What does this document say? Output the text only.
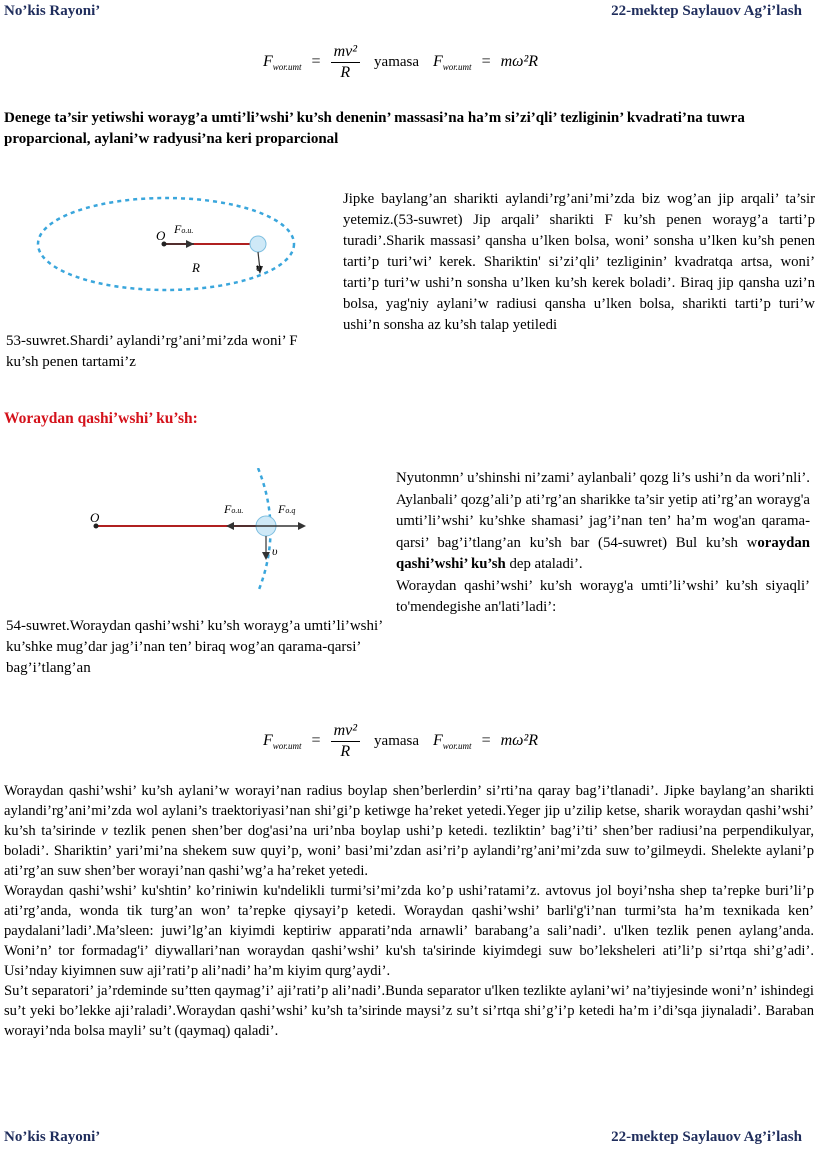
No’kis Rayoni’	22-mektep Saylauov Ag’i’lash
$F_{wor.umt} = \frac{\text{mv²}}{R}$ yamasa $F_{wor.umt} = m\omega^2R$

Denege ta’sir yetiwshi worayg’a umti’li’wshi’ ku’sh denenin’ massasi’na ha’m si’zi’qli’ tezliginin’ kvadrati’na tuwra proparcional, aylani’w radyusi’na keri proparcional

O Fo.u.
R	υ

53-suwret.Shardi’ aylandi’rg’ani’mi’zda woni’ F ku’sh penen tartami’z

Jipke baylang’an sharikti aylandi’rg’ani’mi’zda biz wog’an jip arqali’ ta’sir yetemiz.(53-suwret) Jip arqali’ sharikti F ku’sh penen worayg’a tarti’p turadi’.Sharik massasi’ qansha u’lken bolsa, woni’ sonsha u’lken ku’sh penen tarti’p turi’wi’ kerek. Shariktin' si’zi’qli’ tezliginin’ kvadratqa artsa, woni’ tarti’p turi’w ushi’n sonsha u’lken ku’sh kerek boladi’. Biraq jip qansha uzi’n bolsa, yag'niy aylani’w radiusi qansha u’lken bolsa, sharikti tarti’p turi’w ushi’n sonsha az ku’sh talap yetiledi

Woraydan qashi’wshi’ ku’sh:
O
Fo.u.	Fo.q
υ

54-suwret.Woraydan qashi’wshi’ ku’sh worayg’a umti’li’wshi’ ku’shke mug’dar jag’i’nan ten’ biraq wog’an qarama-qarsi’ bag’i’tlang’an

Nyutonmn’ u’shinshi ni’zami’ aylanbali’ qozg li’s ushi’n da wori’nli’. Aylanbali’ qozg’ali’p ati’rg’an sharikke ta’sir yetip ati’rg’an worayg'a umti’li’wshi’ ku’shke shamasi’ jag’i’nan ten’ ha’m wog'an qarama-qarsi’ bag’i’tlang’an ku’sh bar (54-suwret) Bul ku’sh woraydan qashi’wshi’ ku’sh dep ataladi’.
Woraydan qashi’wshi’ ku’sh worayg'a umti’li’wshi’ ku’sh siyaqli’ to'mendegishe an'lati’ladi’:
$F_{wor.umt} = \frac{\text{mv²}}{R}$ yamasa $F_{wor.umt} = m\omega^2R$

Woraydan qashi’wshi’ ku’sh aylani’w worayi’nan radius boylap shen’berlerdin’ si’rti’na qaray bag’i’tlanadi’. Jipke baylang’an sharikti aylandi’rg’ani’mi’zda wol aylani’s traektoriyasi’nan shi’gi’p ketiwge ha’reket yetedi.Yeger jip u’zilip ketse, sharik woraydan qashi’wshi’ ku’sh ta’sirinde v tezlik penen shen’ber dog'asi’na uri’nba boylap ushi’p ketedi. tezliktin’ bag’i’ti’ shen’ber radiusi’na perpendikulyar, boladi’. Shariktin’ yari’mi’na shekem suw quyi’p, woni’ basi’mi’zdan asi’ri’p aylandi’rg’ani’mi’zda suw to’gilmeydi. Shelekte aylani’p ati’rg’an suw shen’ber worayi’nan qashi’wg’a ha’reket yetedi.

Woraydan qashi’wshi’ ku'shtin’ ko’riniwin ku'ndelikli turmi’si’mi’zda ko’p ushi’ratami’z. avtovus jol boyi’nsha shep ta’repke buri’li’p ati’rg’anda, wonda tik turg’an won’ ta’repke qiysayi’p ketedi. Woraydan qashi’wshi’ barli'g'i’nan turmi’sta ha’m texnikada ken’ paydalani’ladi’.Ma’sleen: juwi’lg’an kiyimdi keptiriw apparati’nda arnawli’ barabang’a sali’nadi’. u'lken tezlik penen aylang’anda. Woni’n’ tor formadag'i’ diywallari’nan woraydan qashi’wshi’ ku'sh ta'sirinde kiyimdegi suw bo’leksheleri ati’li’p si’rtqa shi’g’adi’. Usi’nday kiyimnen suw aji’rati’p ali’nadi’ ha’m kiyim qurg’aydi’.

Su’t separatori’ ja’rdeminde su’tten qaymag’i’ aji’rati’p ali’nadi’.Bunda separator u'lken tezlikte aylani’wi’ na’tiyjesinde woni’n’ ishindegi su’t yeki bo’lekke aji’raladi’.Woraydan qashi’wshi’ ku’sh ta’sirinde maysi’z su’t si’rtqa shi’g’i’p ketedi ha’m i’di’sqa jiynaladi’. Baraban worayi’nda bolsa mayli’ su’t (qaymaq) qaladi’.

No’kis Rayoni’	22-mektep Saylauov Ag’i’lash
